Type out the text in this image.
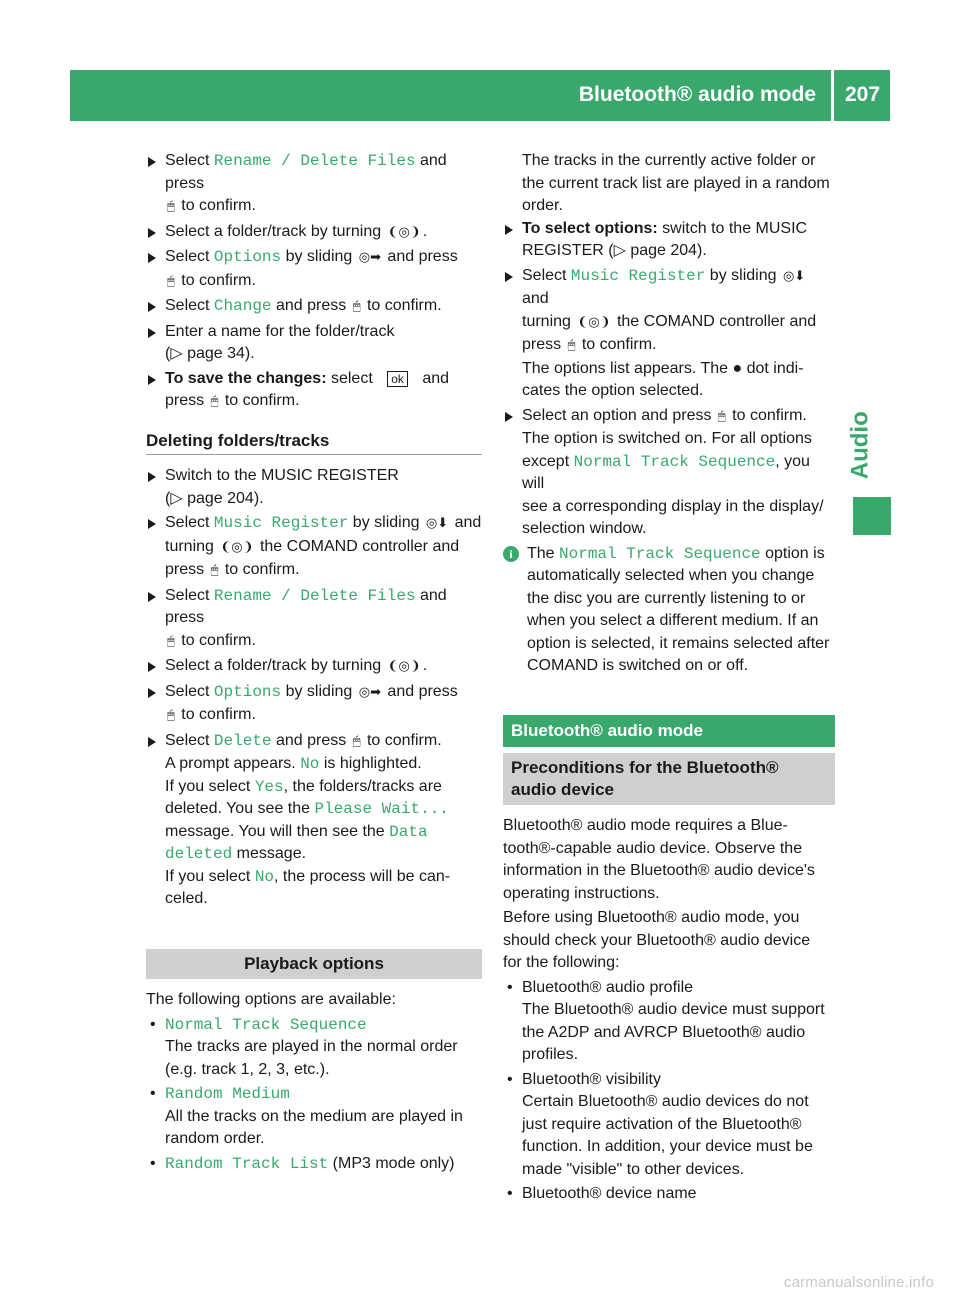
Bluetooth® audio mode 207
Audio
Select Rename / Delete Files and press
🖱 to confirm.
Select a folder/track by turning ❨◎❩ .
Select Options by sliding ◎➡ and press
🖱 to confirm.
Select Change and press 🖱 to confirm.
Enter a name for the folder/track
(▷ page 34).
To save the changes: select ok and
press 🖱 to confirm.
Deleting folders/tracks
Switch to the MUSIC REGISTER
(▷ page 204).
Select Music Register by sliding ◎⬇ and
turning ❨◎❩ the COMAND controller and
press 🖱 to confirm.
Select Rename / Delete Files and press
🖱 to confirm.
Select a folder/track by turning ❨◎❩ .
Select Options by sliding ◎➡ and press
🖱 to confirm.
Select Delete and press 🖱 to confirm.
A prompt appears. No is highlighted.
If you select Yes, the folders/tracks are
deleted. You see the Please Wait...
message. You will then see the Data
deleted message.
If you select No, the process will be can-
celed.
Playback options
The following options are available:
• Normal Track Sequence
The tracks are played in the normal order
(e.g. track 1, 2, 3, etc.).
• Random Medium
All the tracks on the medium are played in
random order.
• Random Track List (MP3 mode only)
The tracks in the currently active folder or
the current track list are played in a random
order.
To select options: switch to the MUSIC
REGISTER (▷ page 204).
Select Music Register by sliding ◎⬇ and
turning ❨◎❩ the COMAND controller and
press 🖱 to confirm.
The options list appears. The ● dot indi-
cates the option selected.
Select an option and press 🖱 to confirm.
The option is switched on. For all options
except Normal Track Sequence, you will
see a corresponding display in the display/
selection window.
i The Normal Track Sequence option is
automatically selected when you change
the disc you are currently listening to or
when you select a different medium. If an
option is selected, it remains selected after
COMAND is switched on or off.
Bluetooth® audio mode
Preconditions for the Bluetooth®
audio device
Bluetooth® audio mode requires a Blue-
tooth®-capable audio device. Observe the
information in the Bluetooth® audio device's
operating instructions.
Before using Bluetooth® audio mode, you
should check your Bluetooth® audio device
for the following:
• Bluetooth® audio profile
The Bluetooth® audio device must support
the A2DP and AVRCP Bluetooth® audio
profiles.
• Bluetooth® visibility
Certain Bluetooth® audio devices do not
just require activation of the Bluetooth®
function. In addition, your device must be
made "visible" to other devices.
• Bluetooth® device name
carmanualsonline.info
